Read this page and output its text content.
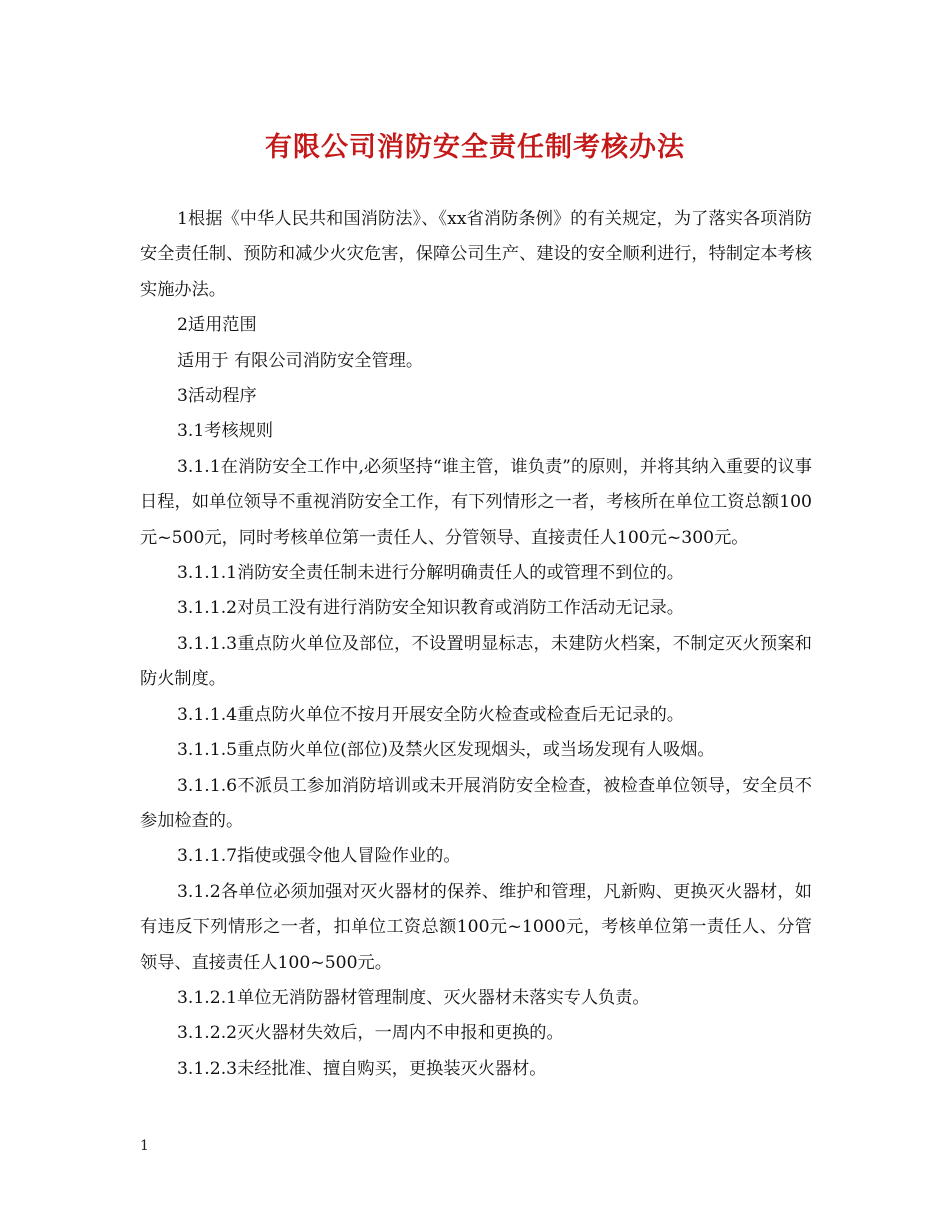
有限公司消防安全责任制考核办法

1根据《中华人民共和国消防法》、《xx省消防条例》的有关规定，为了落实各项消防安全责任制、预防和减少火灾危害，保障公司生产、建设的安全顺利进行，特制定本考核实施办法。

2适用范围

适用于 有限公司消防安全管理。

3活动程序

3.1考核规则

3.1.1在消防安全工作中,必须坚持“谁主管，谁负责”的原则，并将其纳入重要的议事日程，如单位领导不重视消防安全工作，有下列情形之一者，考核所在单位工资总额100元~500元，同时考核单位第一责任人、分管领导、直接责任人100元~300元。

3.1.1.1消防安全责任制未进行分解明确责任人的或管理不到位的。

3.1.1.2对员工没有进行消防安全知识教育或消防工作活动无记录。

3.1.1.3重点防火单位及部位，不设置明显标志，未建防火档案，不制定灭火预案和防火制度。

3.1.1.4重点防火单位不按月开展安全防火检查或检查后无记录的。

3.1.1.5重点防火单位(部位)及禁火区发现烟头，或当场发现有人吸烟。

3.1.1.6不派员工参加消防培训或未开展消防安全检查，被检查单位领导，安全员不参加检查的。

3.1.1.7指使或强令他人冒险作业的。

3.1.2各单位必须加强对灭火器材的保养、维护和管理，凡新购、更换灭火器材，如有违反下列情形之一者，扣单位工资总额100元~1000元，考核单位第一责任人、分管领导、直接责任人100~500元。

3.1.2.1单位无消防器材管理制度、灭火器材未落实专人负责。

3.1.2.2灭火器材失效后，一周内不申报和更换的。

3.1.2.3未经批准、擅自购买，更换装灭火器材。

1
